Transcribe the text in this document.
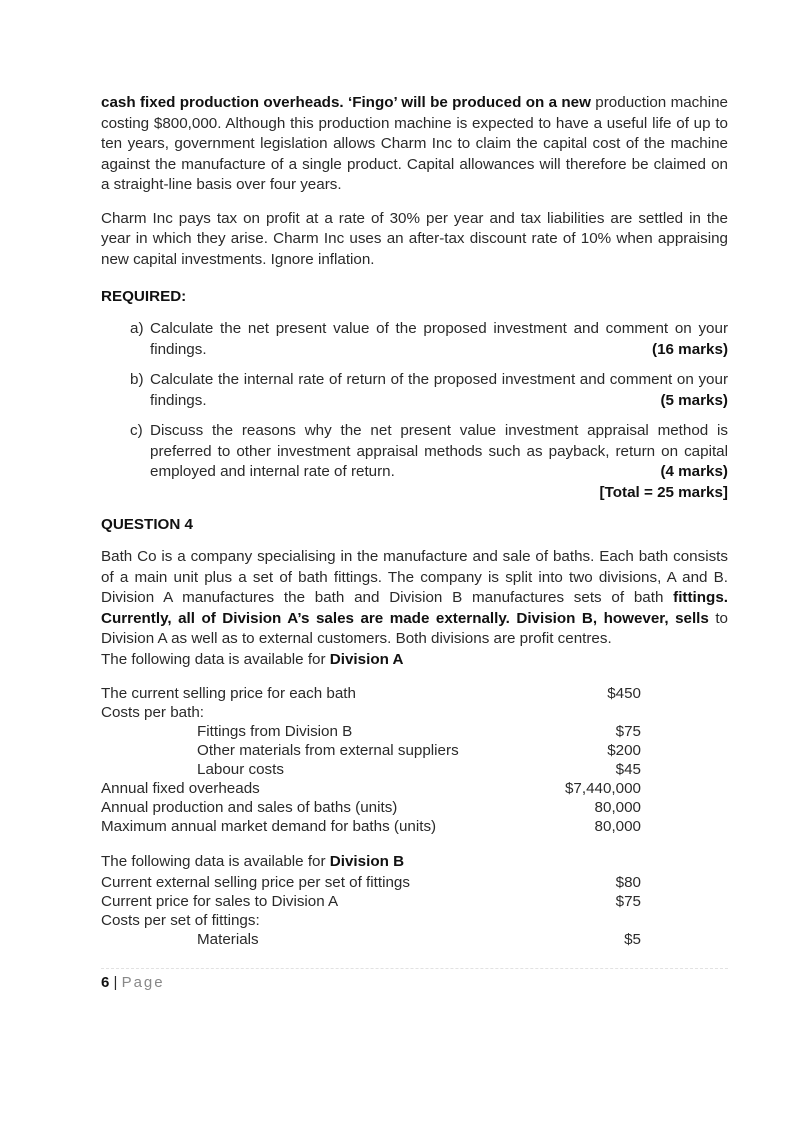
cash fixed production overheads. ‘Fingo’ will be produced on a new production machine costing $800,000. Although this production machine is expected to have a useful life of up to ten years, government legislation allows Charm Inc to claim the capital cost of the machine against the manufacture of a single product. Capital allowances will therefore be claimed on a straight-line basis over four years.

Charm Inc pays tax on profit at a rate of 30% per year and tax liabilities are settled in the year in which they arise. Charm Inc uses an after-tax discount rate of 10% when appraising new capital investments. Ignore inflation.

REQUIRED:
a) Calculate the net present value of the proposed investment and comment on your findings.	(16 marks)
b) Calculate the internal rate of return of the proposed investment and comment on your findings.	(5 marks)
c) Discuss the reasons why the net present value investment appraisal method is preferred to other investment appraisal methods such as payback, return on capital employed and internal rate of return.	(4 marks)
[Total = 25 marks]
QUESTION 4

Bath Co is a company specialising in the manufacture and sale of baths. Each bath consists of a main unit plus a set of bath fittings. The company is split into two divisions, A and B. Division A manufactures the bath and Division B manufactures sets of bath fittings. Currently, all of Division A’s sales are made externally. Division B, however, sells to Division A as well as to external customers. Both divisions are profit centres.

The following data is available for Division A

The current selling price for each bath	$450
Costs per bath:	
Fittings from Division B	$75
Other materials from external suppliers	$200
Labour costs	$45
Annual fixed overheads	$7,440,000
Annual production and sales of baths (units)	80,000
Maximum annual market demand for baths (units)	80,000

The following data is available for Division B

Current external selling price per set of fittings	$80
Current price for sales to Division A	$75
Costs per set of fittings:	
Materials	$5
6 | Page
